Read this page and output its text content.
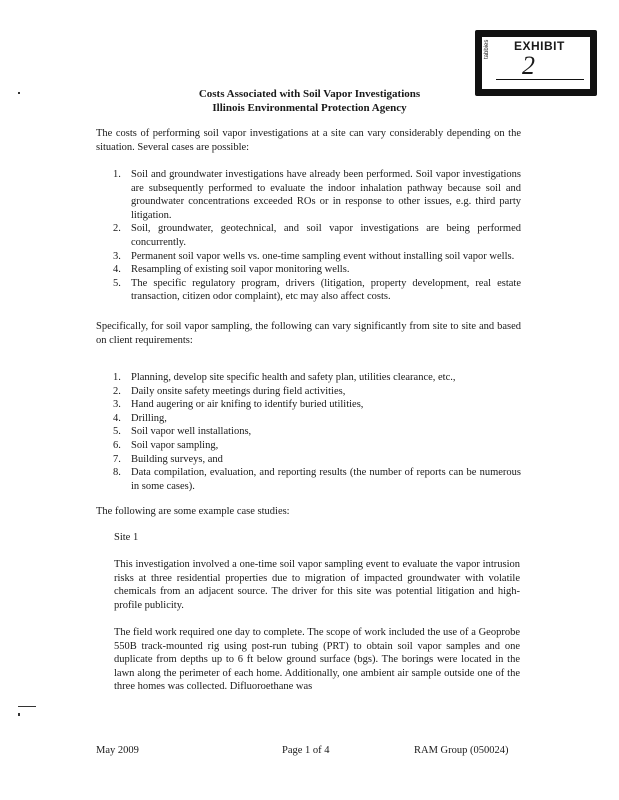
EXHIBIT
tabbies
2
Costs Associated with Soil Vapor Investigations
Illinois Environmental Protection Agency
The costs of performing soil vapor investigations at a site can vary considerably depending on the situation. Several cases are possible:
1. Soil and groundwater investigations have already been performed. Soil vapor investigations are subsequently performed to evaluate the indoor inhalation pathway because soil and groundwater concentrations exceeded ROs or in response to other issues, e.g. third party litigation.
2. Soil, groundwater, geotechnical, and soil vapor investigations are being performed concurrently.
3. Permanent soil vapor wells vs. one-time sampling event without installing soil vapor wells.
4. Resampling of existing soil vapor monitoring wells.
5. The specific regulatory program, drivers (litigation, property development, real estate transaction, citizen odor complaint), etc may also affect costs.
Specifically, for soil vapor sampling, the following can vary significantly from site to site and based on client requirements:
1. Planning, develop site specific health and safety plan, utilities clearance, etc.,
2. Daily onsite safety meetings during field activities,
3. Hand augering or air knifing to identify buried utilities,
4. Drilling,
5. Soil vapor well installations,
6. Soil vapor sampling,
7. Building surveys, and
8. Data compilation, evaluation, and reporting results (the number of reports can be numerous in some cases).
The following are some example case studies:
Site 1
This investigation involved a one-time soil vapor sampling event to evaluate the vapor intrusion risks at three residential properties due to migration of impacted groundwater with volatile chemicals from an adjacent source. The driver for this site was potential litigation and high-profile publicity.
The field work required one day to complete. The scope of work included the use of a Geoprobe 550B track-mounted rig using post-run tubing (PRT) to obtain soil vapor samples and one duplicate from depths up to 6 ft below ground surface (bgs). The borings were located in the lawn along the perimeter of each home. Additionally, one ambient air sample outside one of the three homes was collected. Difluoroethane was
May 2009	Page 1 of 4	RAM Group (050024)
